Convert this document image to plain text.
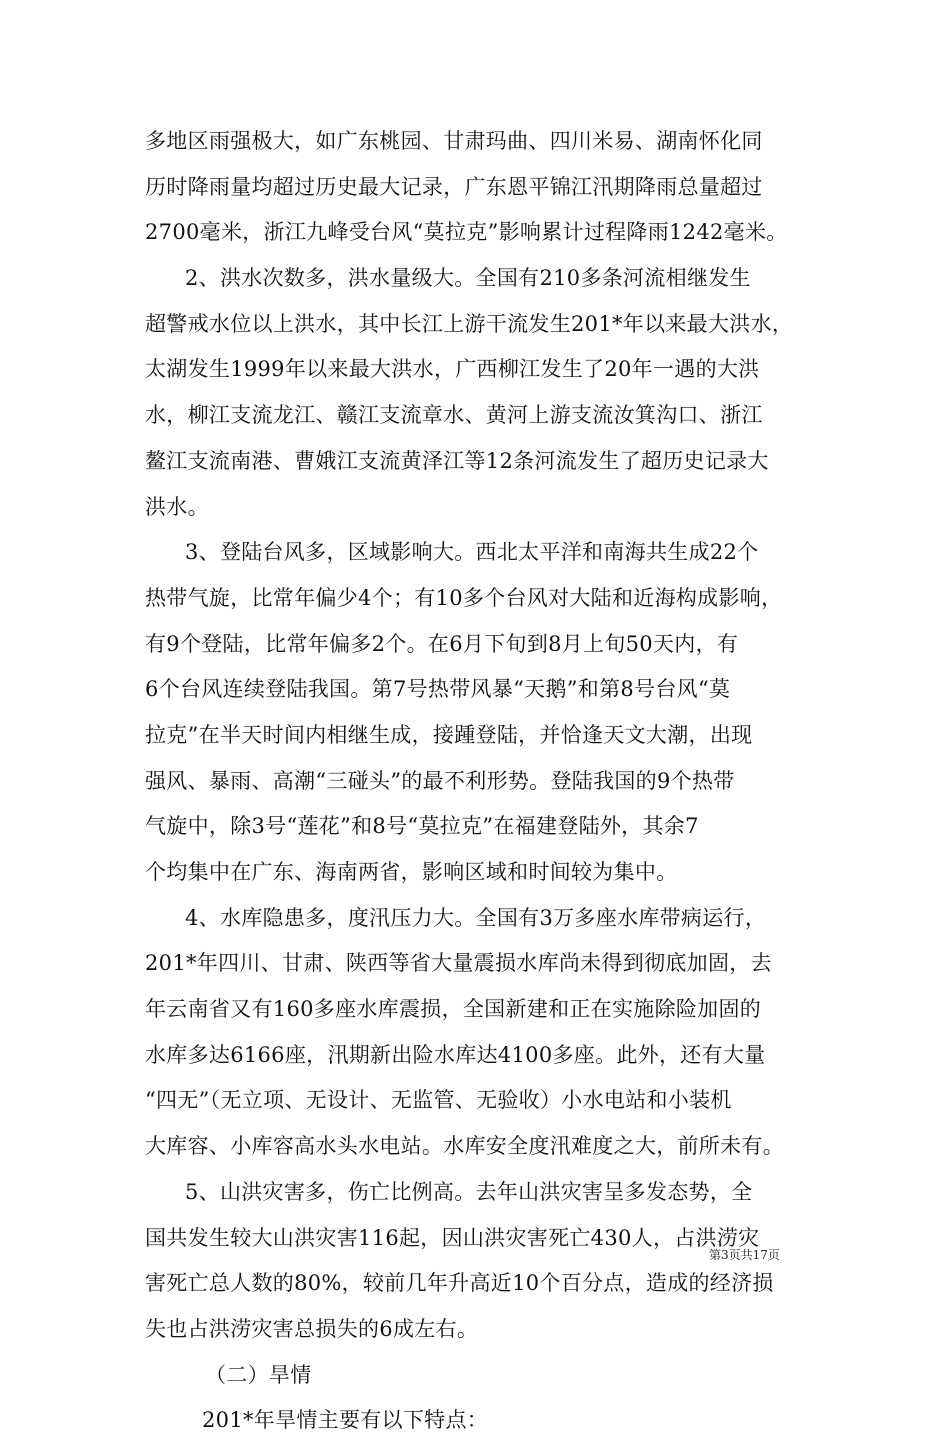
多地区雨强极大，如广东桃园、甘肃玛曲、四川米易、湖南怀化同
历时降雨量均超过历史最大记录，广东恩平锦江汛期降雨总量超过
2700毫米，浙江九峰受台风“莫拉克”影响累计过程降雨1242毫米。
2、洪水次数多，洪水量级大。全国有210多条河流相继发生
超警戒水位以上洪水，其中长江上游干流发生201*年以来最大洪水，
太湖发生1999年以来最大洪水，广西柳江发生了20年一遇的大洪
水，柳江支流龙江、赣江支流章水、黄河上游支流汝箕沟口、浙江
鳌江支流南港、曹娥江支流黄泽江等12条河流发生了超历史记录大
洪水。
3、登陆台风多，区域影响大。西北太平洋和南海共生成22个
热带气旋，比常年偏少4个；有10多个台风对大陆和近海构成影响，
有9个登陆，比常年偏多2个。在6月下旬到8月上旬50天内，有
6个台风连续登陆我国。第7号热带风暴“天鹅”和第8号台风“莫
拉克”在半天时间内相继生成，接踵登陆，并恰逢天文大潮，出现
强风、暴雨、高潮“三碰头”的最不利形势。登陆我国的9个热带
气旋中，除3号“莲花”和8号“莫拉克”在福建登陆外，其余7
个均集中在广东、海南两省，影响区域和时间较为集中。
4、水库隐患多，度汛压力大。全国有3万多座水库带病运行，
201*年四川、甘肃、陕西等省大量震损水库尚未得到彻底加固，去
年云南省又有160多座水库震损，全国新建和正在实施除险加固的
水库多达6166座，汛期新出险水库达4100多座。此外，还有大量
“四无”（无立项、无设计、无监管、无验收）小水电站和小装机
大库容、小库容高水头水电站。水库安全度汛难度之大，前所未有。
5、山洪灾害多，伤亡比例高。去年山洪灾害呈多发态势，全
国共发生较大山洪灾害116起，因山洪灾害死亡430人，占洪涝灾
害死亡总人数的80%，较前几年升高近10个百分点，造成的经济损
失也占洪涝灾害总损失的6成左右。
（二）旱情
201*年旱情主要有以下特点：
第3页共17页
